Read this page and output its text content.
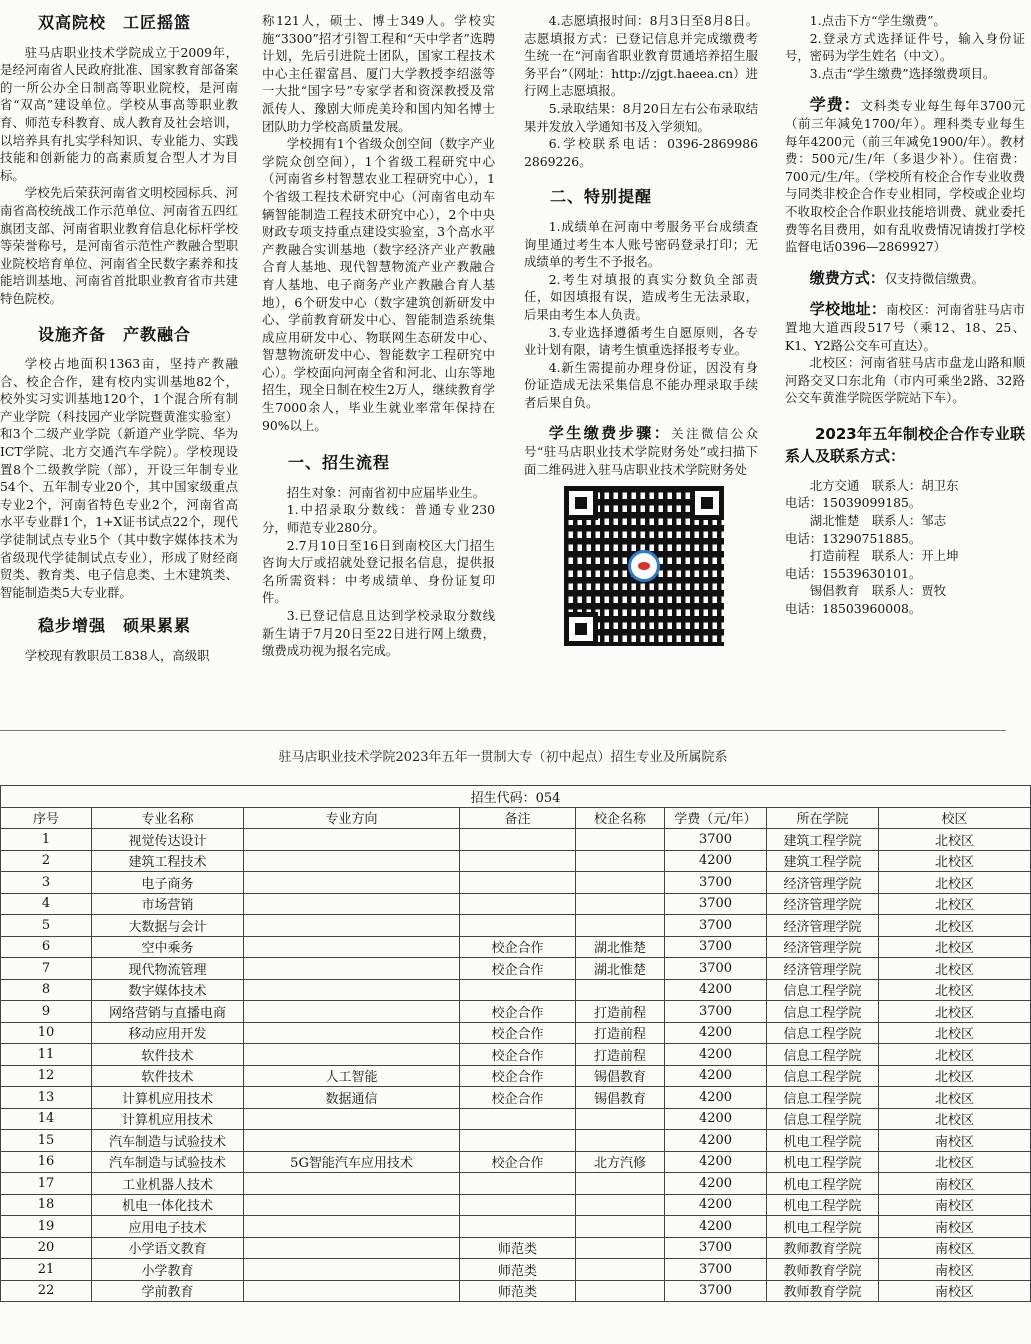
双高院校　工匠摇篮

驻马店职业技术学院成立于2009年，是经河南省人民政府批准、国家教育部备案的一所公办全日制高等职业院校，是河南省“双高”建设单位。学校从事高等职业教育、师范专科教育、成人教育及社会培训，以培养具有扎实学科知识、专业能力、实践技能和创新能力的高素质复合型人才为目标。

学校先后荣获河南省文明校园标兵、河南省高校统战工作示范单位、河南省五四红旗团支部、河南省职业教育信息化标杆学校等荣誉称号，是河南省示范性产教融合型职业院校培育单位、河南省全民数字素养和技能培训基地、河南省首批职业教育省市共建特色院校。

设施齐备　产教融合

学校占地面积1363亩，坚持产教融合、校企合作，建有校内实训基地82个，校外实习实训基地120个，1个混合所有制产业学院（科技园产业学院暨黄淮实验室）和3个二级产业学院（新道产业学院、华为ICT学院、北方交通汽车学院）。学校现设置8个二级教学院（部），开设三年制专业54个、五年制专业20个，其中国家级重点专业2个，河南省特色专业2个，河南省高水平专业群1个，1+X证书试点22个，现代学徒制试点专业5个（其中数字媒体技术为省级现代学徒制试点专业），形成了财经商贸类、教育类、电子信息类、土木建筑类、智能制造类5大专业群。

稳步增强　硕果累累

学校现有教职员工838人，高级职

称121人，硕士、博士349人。学校实施“3300”招才引智工程和“天中学者”选聘计划，先后引进院士团队，国家工程技术中心主任翟富昌、厦门大学教授李绍滋等一大批“国字号”专家学者和资深教授及常派传人、豫剧大师虎美玲和国内知名博士团队助力学校高质量发展。

学校拥有1个省级众创空间（数字产业学院众创空间），1个省级工程研究中心（河南省乡村智慧农业工程研究中心），1个省级工程技术研究中心（河南省电动车辆智能制造工程技术研究中心），2个中央财政专项支持重点建设实验室，3个高水平产教融合实训基地（数字经济产业产教融合育人基地、现代智慧物流产业产教融合育人基地、电子商务产业产教融合育人基地），6个研发中心（数字建筑创新研发中心、学前教育研发中心、智能制造系统集成应用研发中心、物联网生态研发中心、智慧物流研发中心、智能数字工程研究中心）。学校面向河南全省和河北、山东等地招生，现全日制在校生2万人，继续教育学生7000余人，毕业生就业率常年保持在90%以上。

一、招生流程

招生对象：河南省初中应届毕业生。

1.中招录取分数线：普通专业230分，师范专业280分。

2.7月10日至16日到南校区大门招生咨询大厅或招就处登记报名信息，提供报名所需资料：中考成绩单、身份证复印件。

3.已登记信息且达到学校录取分数线新生请于7月20日至22日进行网上缴费，缴费成功视为报名完成。

4.志愿填报时间：8月3日至8月8日。志愿填报方式：已登记信息并完成缴费考生统一在“河南省职业教育贯通培养招生服务平台”（网址：http://zjgt.haeea.cn）进行网上志愿填报。

5.录取结果：8月20日左右公布录取结果并发放入学通知书及入学须知。

6.学校联系电话：0396-2869986　2869226。

二、特别提醒

1.成绩单在河南中考服务平台成绩查询里通过考生本人账号密码登录打印；无成绩单的考生不予报名。

2.考生对填报的真实分数负全部责任，如因填报有误，造成考生无法录取，后果由考生本人负责。

3.专业选择遵循考生自愿原则，各专业计划有限，请考生慎重选择报考专业。

4.新生需提前办理身份证，因没有身份证造成无法采集信息不能办理录取手续者后果自负。

学生缴费步骤：关注微信公众号“驻马店职业技术学院财务处”或扫描下面二维码进入驻马店职业技术学院财务处

1.点击下方“学生缴费”。

2.登录方式选择证件号，输入身份证号，密码为学生姓名（中文）。

3.点击“学生缴费”选择缴费项目。

学费：文科类专业每生每年3700元（前三年减免1700/年）。理科类专业每生每年4200元（前三年减免1900/年）。教材费：500元/生/年（多退少补）。住宿费：700元/生/年。（学校所有校企合作专业收费与同类非校企合作专业相同，学校或企业均不收取校企合作职业技能培训费、就业委托费等名目费用，如有乱收费情况请拨打学校监督电话0396—2869927）

缴费方式：仅支持微信缴费。

学校地址：南校区：河南省驻马店市置地大道西段517号（乘12、18、25、K1、Y2路公交车可直达）。

北校区：河南省驻马店市盘龙山路和顺河路交叉口东北角（市内可乘坐2路、32路公交车黄淮学院医学院站下车）。

2023年五年制校企合作专业联系人及联系方式：

北方交通　联系人：胡卫东

电话：15039099185。

湖北惟楚　联系人：邹志

电话：13290751885。

打造前程　联系人：开上坤

电话：15539630101。

锡倡教育　联系人：贾牧

电话：18503960008。

驻马店职业技术学院2023年五年一贯制大专（初中起点）招生专业及所属院系
招生代码：054							
序号	专业名称	专业方向	备注	校企名称	学费（元/年）	所在学院	校区
1	视觉传达设计				3700	建筑工程学院	北校区
2	建筑工程技术				4200	建筑工程学院	北校区
3	电子商务				3700	经济管理学院	北校区
4	市场营销				3700	经济管理学院	北校区
5	大数据与会计				3700	经济管理学院	北校区
6	空中乘务		校企合作	湖北惟楚	3700	经济管理学院	北校区
7	现代物流管理		校企合作	湖北惟楚	3700	经济管理学院	北校区
8	数字媒体技术				4200	信息工程学院	北校区
9	网络营销与直播电商		校企合作	打造前程	3700	信息工程学院	北校区
10	移动应用开发		校企合作	打造前程	4200	信息工程学院	北校区
11	软件技术		校企合作	打造前程	4200	信息工程学院	北校区
12	软件技术	人工智能	校企合作	锡倡教育	4200	信息工程学院	北校区
13	计算机应用技术	数据通信	校企合作	锡倡教育	4200	信息工程学院	北校区
14	计算机应用技术				4200	信息工程学院	北校区
15	汽车制造与试验技术				4200	机电工程学院	南校区
16	汽车制造与试验技术	5G智能汽车应用技术	校企合作	北方汽修	4200	机电工程学院	北校区
17	工业机器人技术				4200	机电工程学院	南校区
18	机电一体化技术				4200	机电工程学院	南校区
19	应用电子技术				4200	机电工程学院	南校区
20	小学语文教育		师范类		3700	教师教育学院	南校区
21	小学教育		师范类		3700	教师教育学院	南校区
22	学前教育		师范类		3700	教师教育学院	南校区
